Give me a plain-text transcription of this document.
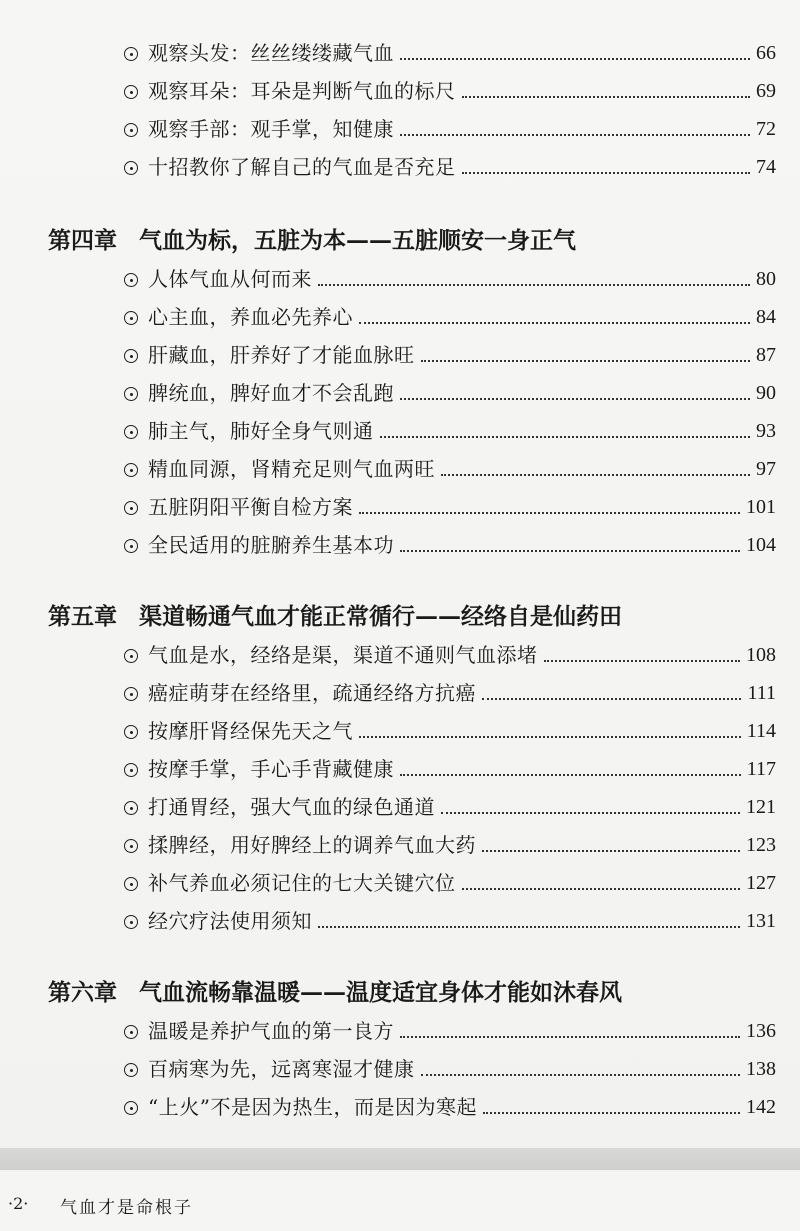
观察头发：丝丝缕缕藏气血	66
观察耳朵：耳朵是判断气血的标尺	69
观察手部：观手掌，知健康	72
十招教你了解自己的气血是否充足	74
第四章 气血为标，五脏为本——五脏顺安一身正气
人体气血从何而来	80
心主血，养血必先养心	84
肝藏血，肝养好了才能血脉旺	87
脾统血，脾好血才不会乱跑	90
肺主气，肺好全身气则通	93
精血同源，肾精充足则气血两旺	97
五脏阴阳平衡自检方案	101
全民适用的脏腑养生基本功	104
第五章 渠道畅通气血才能正常循行——经络自是仙药田
气血是水，经络是渠，渠道不通则气血添堵	108
癌症萌芽在经络里，疏通经络方抗癌	111
按摩肝肾经保先天之气	114
按摩手掌，手心手背藏健康	117
打通胃经，强大气血的绿色通道	121
揉脾经，用好脾经上的调养气血大药	123
补气养血必须记住的七大关键穴位	127
经穴疗法使用须知	131
第六章 气血流畅靠温暖——温度适宜身体才能如沐春风
温暖是养护气血的第一良方	136
百病寒为先，远离寒湿才健康	138
“上火”不是因为热生，而是因为寒起	142
·2· 气血才是命根子
